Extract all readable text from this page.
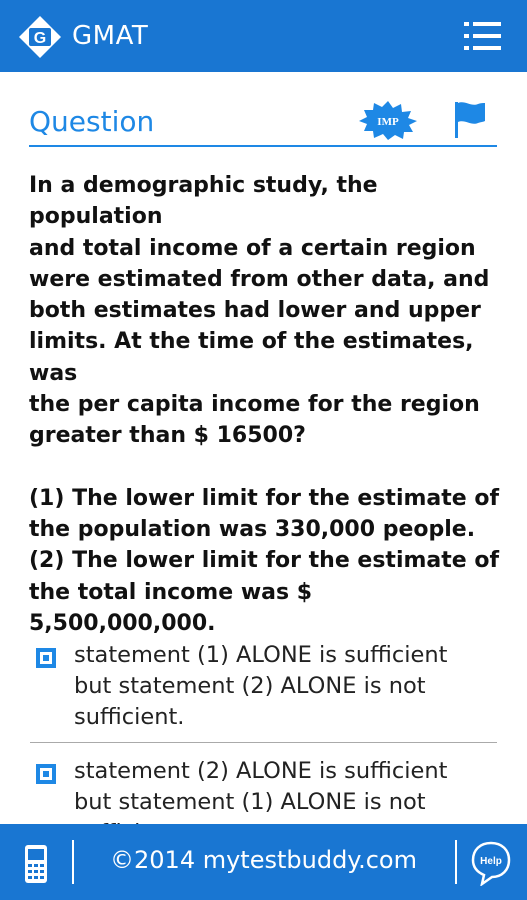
G GMAT
Question	IMP

In a demographic study, the population

and total income of a certain region

were estimated from other data, and

both estimates had lower and upper

limits. At the time of the estimates, was

the per capita income for the region

greater than $ 16500?

(1) The lower limit for the estimate of

the population was 330,000 people.

(2) The lower limit for the estimate of

the total income was $ 5,500,000,000.

statement (1) ALONE is sufficient
but statement (2) ALONE is not
sufficient.
statement (2) ALONE is sufficient
but statement (1) ALONE is not
©2014 mytestbuddy.com	Help
